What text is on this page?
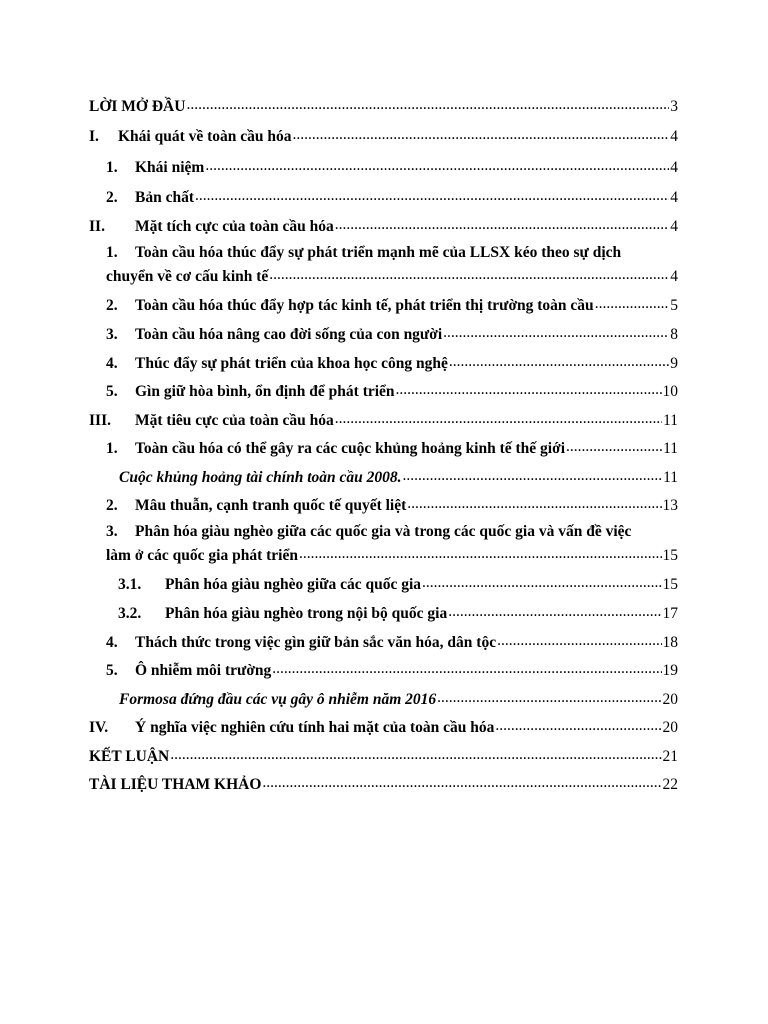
LỜI MỞ ĐẦU .....	3
I.	Khái quát về toàn cầu hóa .....	4
1.	Khái niệm .....	4
2.	Bản chất .....	4
II.	Mặt tích cực của toàn cầu hóa .....	4
1. Toàn cầu hóa thúc đẩy sự phát triển mạnh mẽ của LLSX kéo theo sự dịch
chuyển về cơ cấu kinh tế .....	4
2.	Toàn cầu hóa thúc đẩy hợp tác kinh tế, phát triển thị trường toàn cầu .....	5
3.	Toàn cầu hóa nâng cao đời sống của con người .....	8
4.	Thúc đẩy sự phát triển của khoa học công nghệ .....	9
5.	Gìn giữ hòa bình, ổn định để phát triển .....	10
III.	Mặt tiêu cực của toàn cầu hóa .....	11
1.	Toàn cầu hóa có thể gây ra các cuộc khủng hoảng kinh tế thế giới .....	11
Cuộc khủng hoảng tài chính toàn cầu 2008. .....	11
2.	Mâu thuẫn, cạnh tranh quốc tế quyết liệt .....	13
3. Phân hóa giàu nghèo giữa các quốc gia và trong các quốc gia và vấn đề việc
làm ở các quốc gia phát triển .....	15
3.1.	Phân hóa giàu nghèo giữa các quốc gia .....	15
3.2.	Phân hóa giàu nghèo trong nội bộ quốc gia .....	17
4.	Thách thức trong việc gìn giữ bản sắc văn hóa, dân tộc .....	18
5.	Ô nhiễm môi trường .....	19
Formosa đứng đầu các vụ gây ô nhiễm năm 2016 .....	20
IV.	Ý nghĩa việc nghiên cứu tính hai mặt của toàn cầu hóa .....	20
KẾT LUẬN .....	21
TÀI LIỆU THAM KHẢO .....	22
